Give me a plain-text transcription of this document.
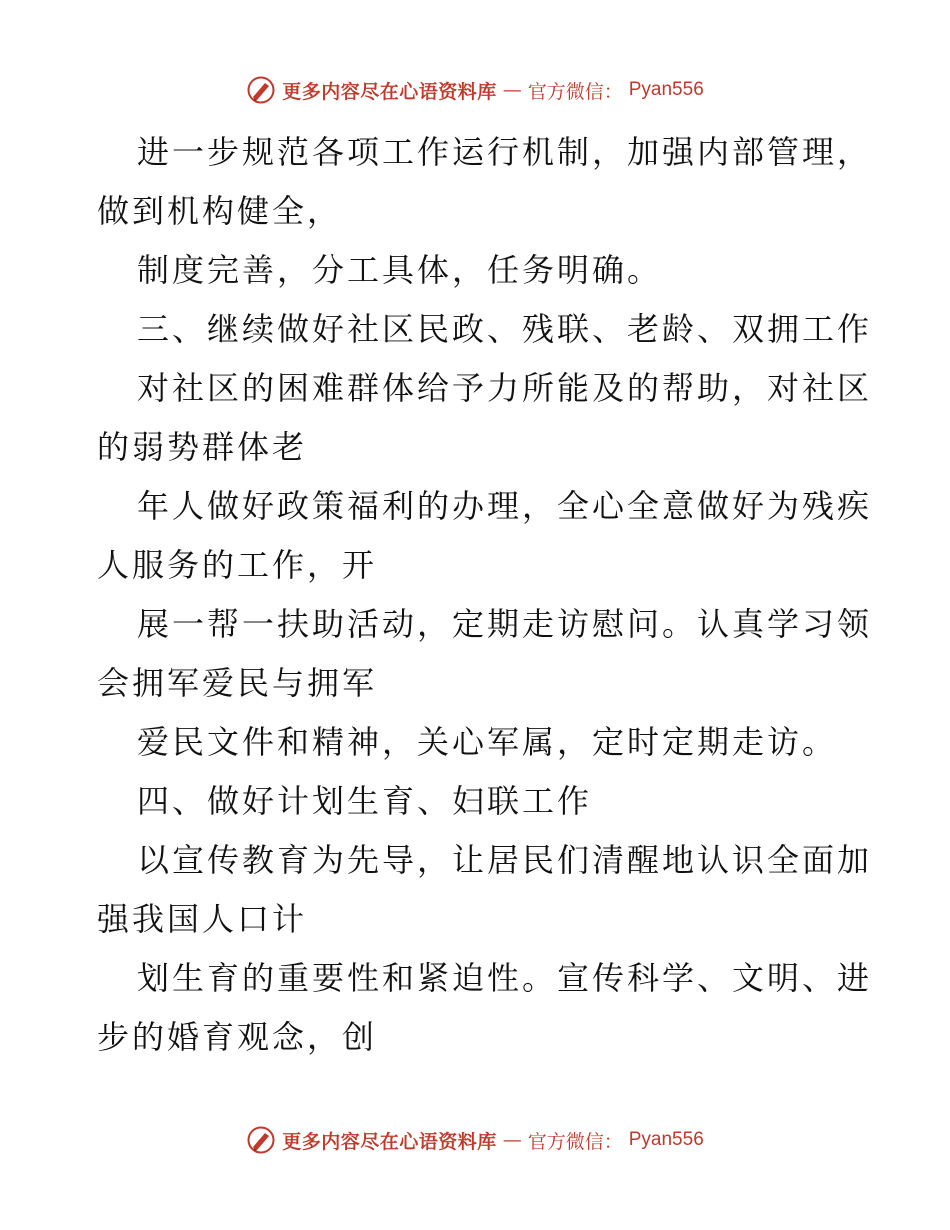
更多内容尽在心语资料库 — 官方微信： Pyan556
进一步规范各项工作运行机制，加强内部管理，
做到机构健全，
制度完善，分工具体，任务明确。
三、继续做好社区民政、残联、老龄、双拥工作
对社区的困难群体给予力所能及的帮助，对社区
的弱势群体老
年人做好政策福利的办理，全心全意做好为残疾
人服务的工作，开
展一帮一扶助活动，定期走访慰问。认真学习领
会拥军爱民与拥军
爱民文件和精神，关心军属，定时定期走访。
四、做好计划生育、妇联工作
以宣传教育为先导，让居民们清醒地认识全面加
强我国人口计
划生育的重要性和紧迫性。宣传科学、文明、进
步的婚育观念，创
更多内容尽在心语资料库 — 官方微信： Pyan556
